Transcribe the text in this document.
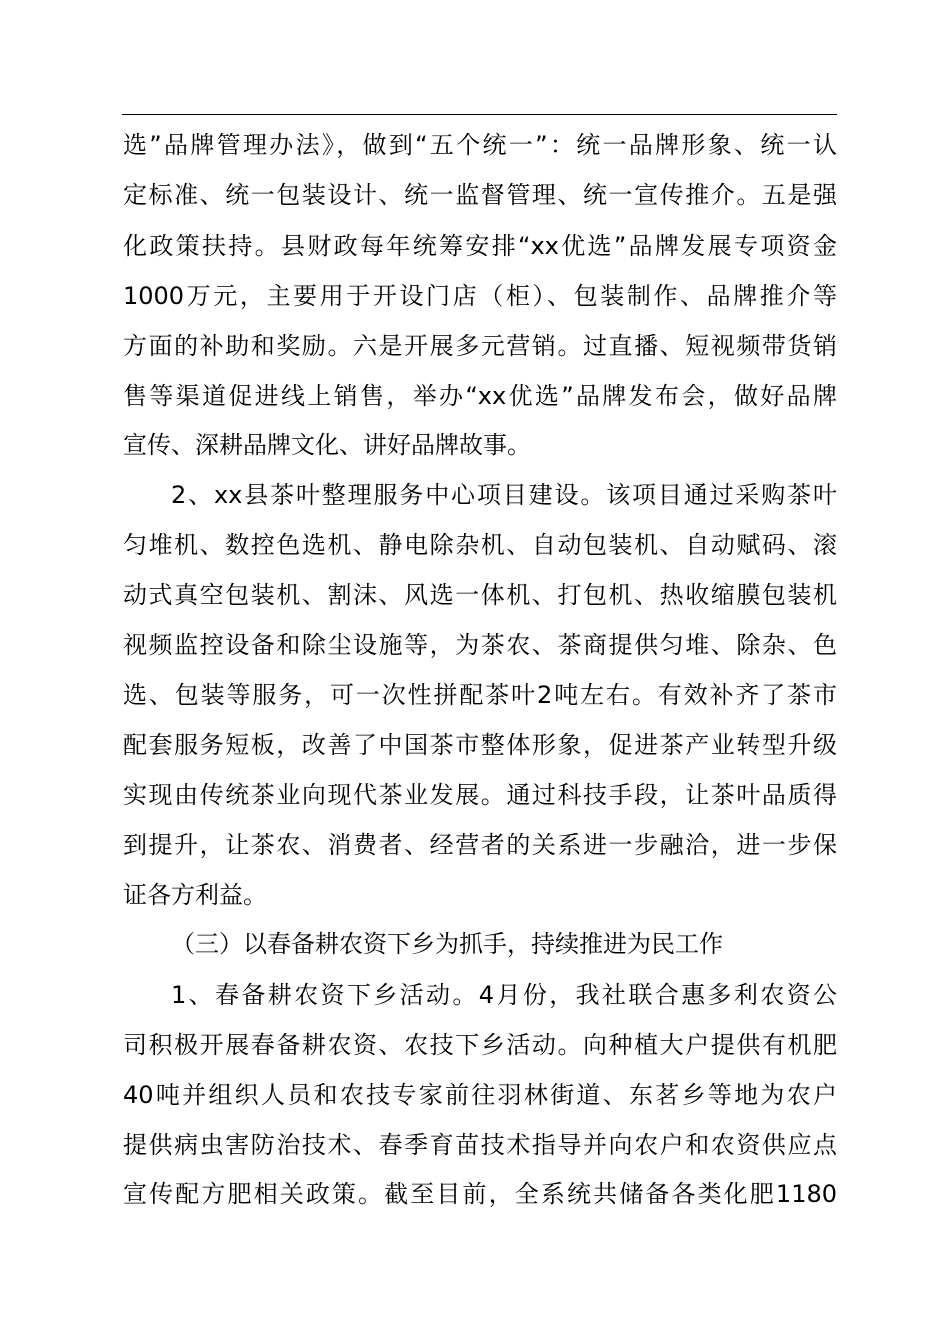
选”品牌管理办法》，做到“五个统一”：统一品牌形象、统一认
定标准、统一包装设计、统一监督管理、统一宣传推介。五是强
化政策扶持。县财政每年统筹安排“xx优选”品牌发展专项资金
1000万元，主要用于开设门店（柜）、包装制作、品牌推介等
方面的补助和奖励。六是开展多元营销。过直播、短视频带货销
售等渠道促进线上销售，举办“xx优选”品牌发布会，做好品牌
宣传、深耕品牌文化、讲好品牌故事。
2、xx县茶叶整理服务中心项目建设。该项目通过采购茶叶
匀堆机、数控色选机、静电除杂机、自动包装机、自动赋码、滚
动式真空包装机、割沫、风选一体机、打包机、热收缩膜包装机
视频监控设备和除尘设施等，为茶农、茶商提供匀堆、除杂、色
选、包装等服务，可一次性拼配茶叶2吨左右。有效补齐了茶市
配套服务短板，改善了中国茶市整体形象，促进茶产业转型升级
实现由传统茶业向现代茶业发展。通过科技手段，让茶叶品质得
到提升，让茶农、消费者、经营者的关系进一步融洽，进一步保
证各方利益。
（三）以春备耕农资下乡为抓手，持续推进为民工作
1、春备耕农资下乡活动。4月份，我社联合惠多利农资公
司积极开展春备耕农资、农技下乡活动。向种植大户提供有机肥
40吨并组织人员和农技专家前往羽林街道、东茗乡等地为农户
提供病虫害防治技术、春季育苗技术指导并向农户和农资供应点
宣传配方肥相关政策。截至目前，全系统共储备各类化肥1180
